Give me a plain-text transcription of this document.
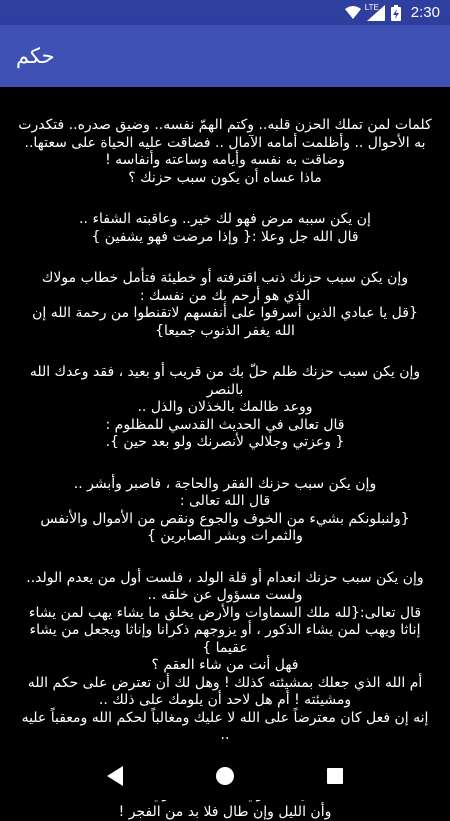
LTE 2:30
حكم
كلمات لمن تملك الحزن قلبه.. وكتم الهمّ نفسه.. وضيق صدره.. فتكدرت
به الأحوال .. وأظلمت أمامه الآمال .. فضاقت عليه الحياة على سعتها..
وضاقت به نفسه وأيامه وساعته وأنفاسه !
ماذا عساه أن يكون سبب حزنك ؟
إن يكن سببه مرض فهو لك خير.. وعاقبته الشفاء ..
قال الله جل وعلا :{ وإذا مرضت فهو يشفين }
وإن يكن سبب حزنك ذنب اقترفته أو خطيئة فتأمل خطاب مولاك
الذي هو أرحم بك من نفسك :
{قل يا عبادي الذين أسرفوا على أنفسهم لاتقنطوا من رحمة الله إن
الله يغفر الذنوب جميعا}
وإن يكن سبب حزنك ظلم حلّ بك من قريب أو بعيد ، فقد وعدك الله بالنصر
ووعد ظالمك بالخذلان والذل ..
قال تعالى في الحديث القدسي للمظلوم :
{ وعزتي وجلالي لأنصرنك ولو بعد حين }.
وإن يكن سبب حزنك الفقر والحاجة ، فاصبر وأبشر ..
قال الله تعالى :
{ولنبلونكم بشيء من الخوف والجوع ونقص من الأموال والأنفس
والثمرات وبشر الصابرين }
وإن يكن سبب حزنك انعدام أو قلة الولد ، فلست أول من يعدم الولد..
ولست مسؤول عن خلقه ..
قال تعالى:{لله ملك السماوات والأرض يخلق ما يشاء يهب لمن يشاء
إناثا ويهب لمن يشاء الذكور ، أو يزوجهم ذكرانا وإناثا ويجعل من يشاء عقيما }
فهل أنت من شاء العقم ؟
أم الله الذي جعلك بمشيئته كذلك ! وهل لك أن تعترض على حكم الله
ومشيئته ! أم هل لاحد أن يلومك على ذلك ..
إنه إن فعل كان معترضاً على الله لا عليك ومغالباً لحكم الله ومعقباً عليه ..
وأن الليل وإن طال فلا بد من الفجر !
